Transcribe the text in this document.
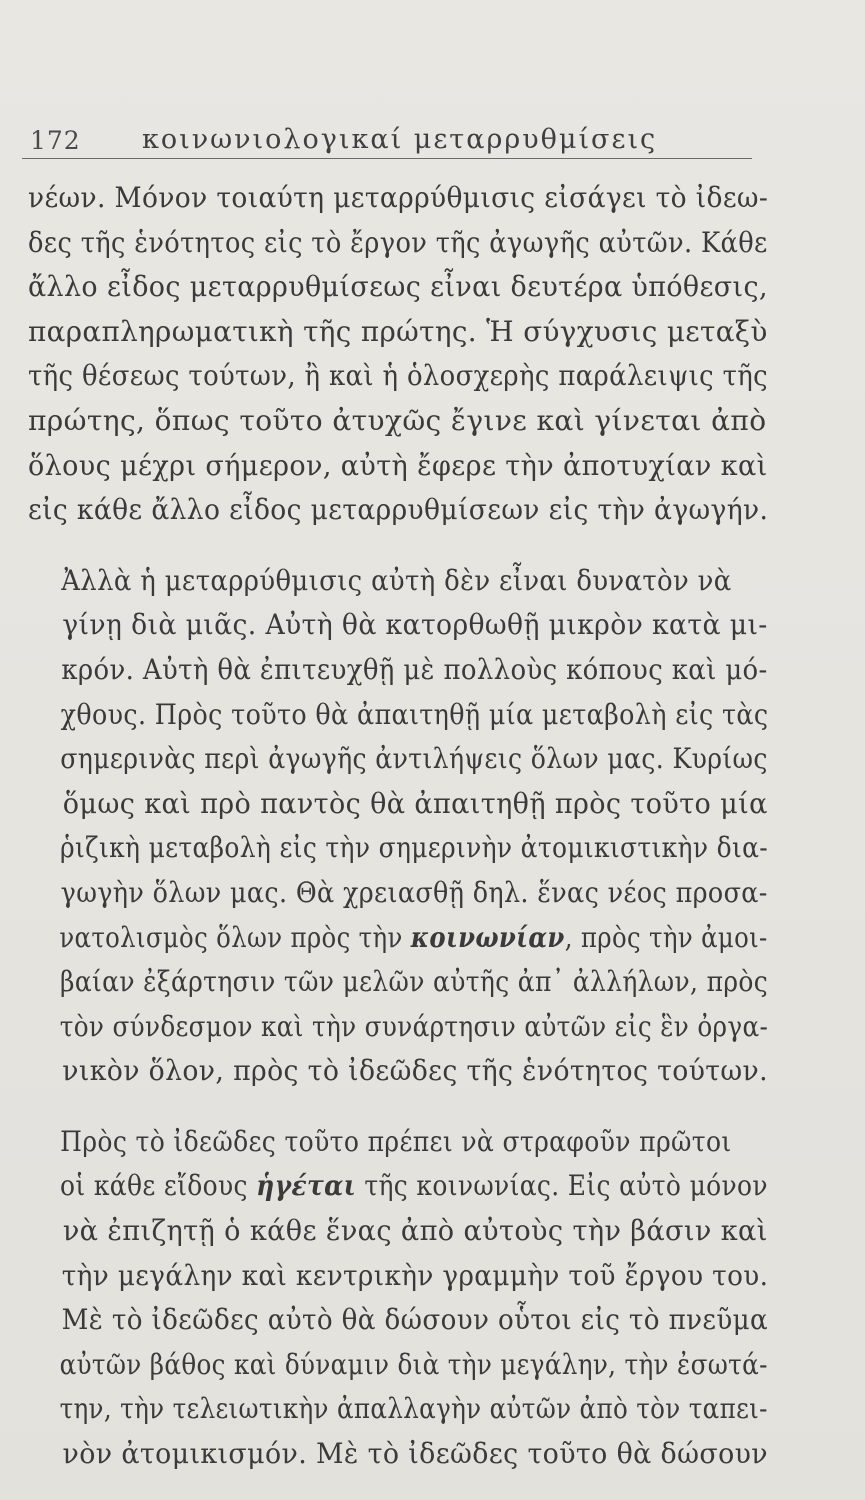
172 κοινωνιολογικαί μεταρρυθμίσεις

νέων. Μόνον τοιαύτη μεταρρύθμισις εἰσάγει τὸ ἰδεω-
δες τῆς ἑνότητος εἰς τὸ ἔργον τῆς ἀγωγῆς αὐτῶν. Κάθε
ἄλλο εἶδος μεταρρυθμίσεως εἶναι δευτέρα ὑπόθεσις,
παραπληρωματικὴ τῆς πρώτης. Ἡ σύγχυσις μεταξὺ
τῆς θέσεως τούτων, ἢ καὶ ἡ ὁλοσχερὴς παράλειψις τῆς
πρώτης, ὅπως τοῦτο ἀτυχῶς ἔγινε καὶ γίνεται ἀπὸ
ὅλους μέχρι σήμερον, αὐτὴ ἔφερε τὴν ἀποτυχίαν καὶ
εἰς κάθε ἄλλο εἶδος μεταρρυθμίσεων εἰς τὴν ἀγωγήν.

Ἀλλὰ ἡ μεταρρύθμισις αὐτὴ δὲν εἶναι δυνατὸν νὰ
γίνῃ διὰ μιᾶς. Αὐτὴ θὰ κατορθωθῇ μικρὸν κατὰ μι-
κρόν. Αὐτὴ θὰ ἐπιτευχθῇ μὲ πολλοὺς κόπους καὶ μό-
χθους. Πρὸς τοῦτο θὰ ἀπαιτηθῇ μία μεταβολὴ εἰς τὰς
σημερινὰς περὶ ἀγωγῆς ἀντιλήψεις ὅλων μας. Κυρίως
ὅμως καὶ πρὸ παντὸς θὰ ἀπαιτηθῇ πρὸς τοῦτο μία
ῥιζικὴ μεταβολὴ εἰς τὴν σημερινὴν ἀτομικιστικὴν δια-
γωγὴν ὅλων μας. Θὰ χρειασθῇ δηλ. ἕνας νέος προσα-
νατολισμὸς ὅλων πρὸς τὴν κοινωνίαν, πρὸς τὴν ἀμοι-
βαίαν ἐξάρτησιν τῶν μελῶν αὐτῆς ἀπ᾽ ἀλλήλων, πρὸς
τὸν σύνδεσμον καὶ τὴν συνάρτησιν αὐτῶν εἰς ἓν ὀργα-
νικὸν ὅλον, πρὸς τὸ ἰδεῶδες τῆς ἑνότητος τούτων.

Πρὸς τὸ ἰδεῶδες τοῦτο πρέπει νὰ στραφοῦν πρῶτοι
οἱ κάθε εἴδους ἡγέται τῆς κοινωνίας. Εἰς αὐτὸ μόνον
νὰ ἐπιζητῇ ὁ κάθε ἕνας ἀπὸ αὐτοὺς τὴν βάσιν καὶ
τὴν μεγάλην καὶ κεντρικὴν γραμμὴν τοῦ ἔργου του.
Μὲ τὸ ἰδεῶδες αὐτὸ θὰ δώσουν οὗτοι εἰς τὸ πνεῦμα
αὐτῶν βάθος καὶ δύναμιν διὰ τὴν μεγάλην, τὴν ἐσωτά-
την, τὴν τελειωτικὴν ἀπαλλαγὴν αὐτῶν ἀπὸ τὸν ταπει-
νὸν ἀτομικισμόν. Μὲ τὸ ἰδεῶδες τοῦτο θὰ δώσουν
